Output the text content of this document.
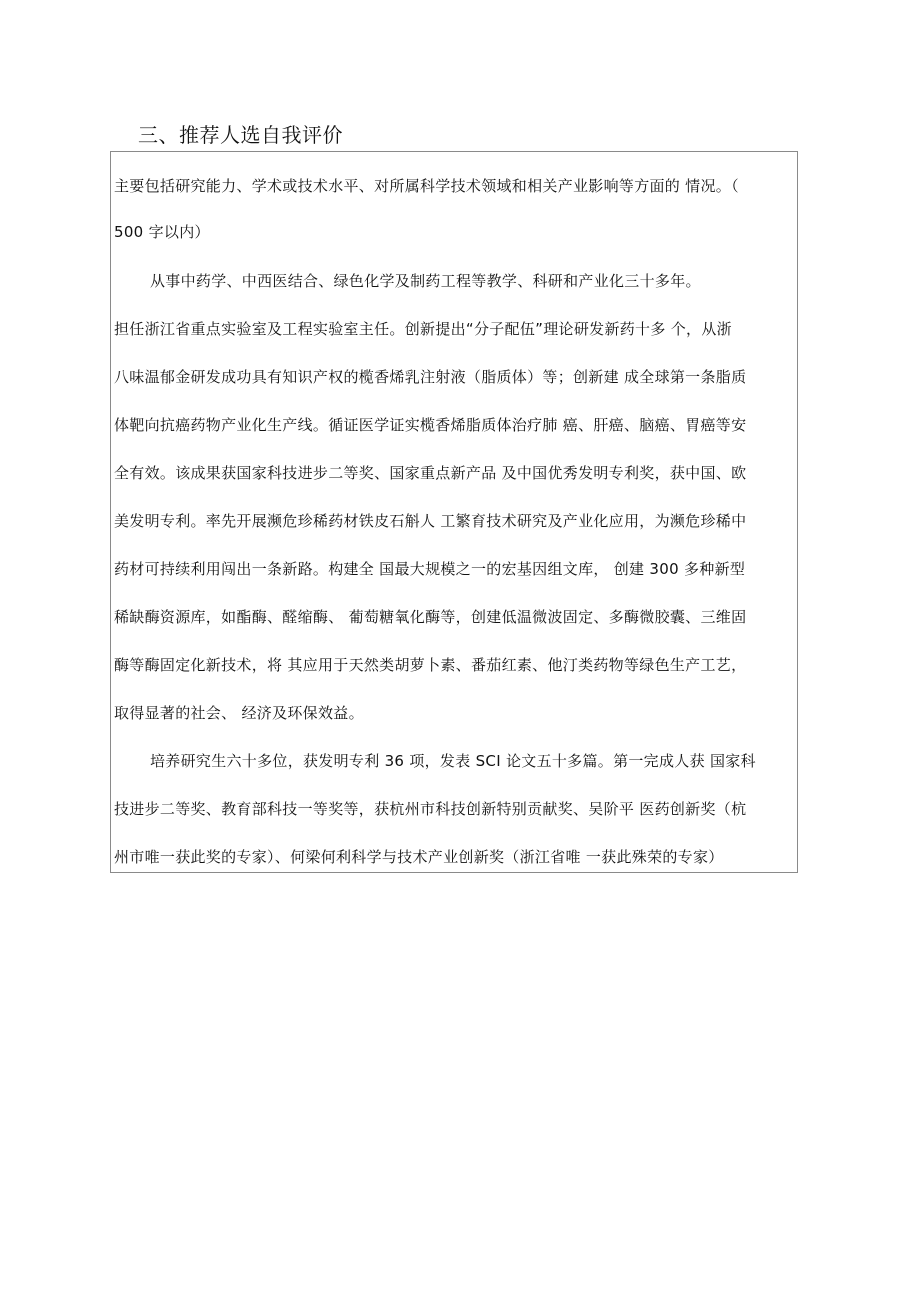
三、推荐人选自我评价
主要包括研究能力、学术或技术水平、对所属科学技术领域和相关产业影响等方面的 情况。（
500 字以内）
从事中药学、中西医结合、绿色化学及制药工程等教学、科研和产业化三十多年。
担任浙江省重点实验室及工程实验室主任。创新提出“分子配伍”理论研发新药十多 个，从浙
八味温郁金研发成功具有知识产权的榄香烯乳注射液（脂质体）等；创新建 成全球第一条脂质
体靶向抗癌药物产业化生产线。循证医学证实榄香烯脂质体治疗肺 癌、肝癌、脑癌、胃癌等安
全有效。该成果获国家科技进步二等奖、国家重点新产品 及中国优秀发明专利奖，获中国、欧
美发明专利。率先开展濒危珍稀药材铁皮石斛人 工繁育技术研究及产业化应用，为濒危珍稀中
药材可持续利用闯出一条新路。构建全 国最大规模之一的宏基因组文库， 创建 300 多种新型
稀缺酶资源库，如酯酶、醛缩酶、 葡萄糖氧化酶等，创建低温微波固定、多酶微胶囊、三维固
酶等酶固定化新技术，将 其应用于天然类胡萝卜素、番茄红素、他汀类药物等绿色生产工艺，
取得显著的社会、 经济及环保效益。
培养研究生六十多位，获发明专利 36 项，发表 SCI 论文五十多篇。第一完成人获 国家科
技进步二等奖、教育部科技一等奖等，获杭州市科技创新特别贡献奖、吴阶平 医药创新奖（杭
州市唯一获此奖的专家）、何梁何利科学与技术产业创新奖（浙江省唯 一获此殊荣的专家）
